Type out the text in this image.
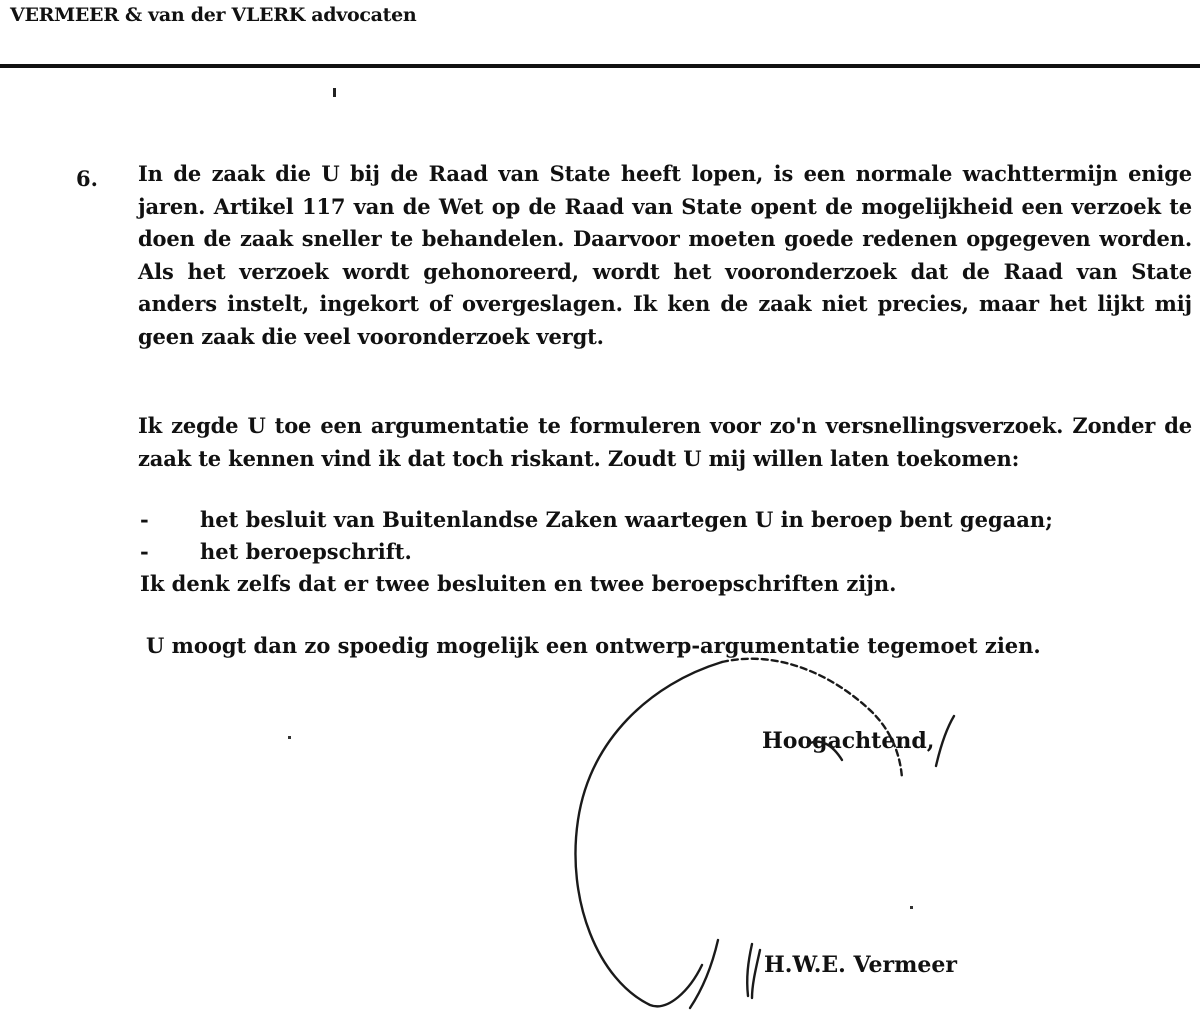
VERMEER & van der VLERK advocaten
6. In de zaak die U bij de Raad van State heeft lopen, is een normale wachttermijn enige jaren. Artikel 117 van de Wet op de Raad van State opent de mogelijkheid een verzoek te doen de zaak sneller te behandelen. Daarvoor moeten goede redenen opgegeven worden. Als het verzoek wordt gehonoreerd, wordt het vooronderzoek dat de Raad van State anders instelt, ingekort of overgeslagen. Ik ken de zaak niet precies, maar het lijkt mij geen zaak die veel vooronderzoek vergt.
Ik zegde U toe een argumentatie te formuleren voor zo'n versnellingsverzoek. Zonder de zaak te kennen vind ik dat toch riskant. Zoudt U mij willen laten toekomen:
- het besluit van Buitenlandse Zaken waartegen U in beroep bent gegaan;
- het beroepschrift.
Ik denk zelfs dat er twee besluiten en twee beroepschriften zijn.
U moogt dan zo spoedig mogelijk een ontwerp-argumentatie tegemoet zien.
Hoogachtend,
H.W.E. Vermeer
